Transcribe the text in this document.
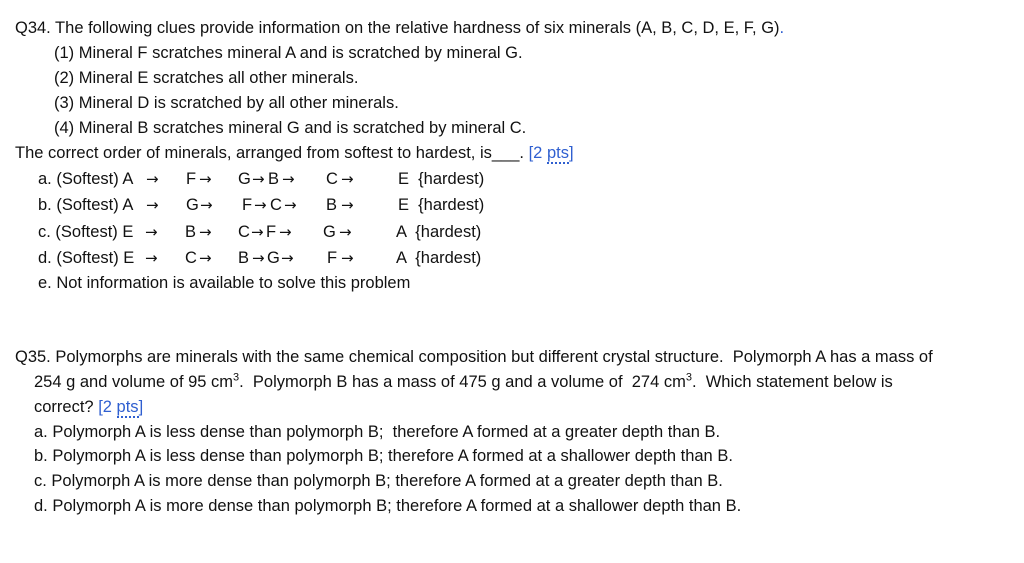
Q34. The following clues provide information on the relative hardness of six minerals (A, B, C, D, E, F, G).
(1) Mineral F scratches mineral A and is scratched by mineral G.
(2) Mineral E scratches all other minerals.
(3) Mineral D is scratched by all other minerals.
(4) Mineral B scratches mineral G and is scratched by mineral C.
The correct order of minerals, arranged from softest to hardest, is___. [2 pts]
a. (Softest) A → F → G → B → C →	E  {hardest)
b. (Softest) A → G → F → C → B →	E  {hardest)
c. (Softest) E → B → C → F → G →	A  {hardest)
d. (Softest) E → C → B → G → F →	A  {hardest)
e. Not information is available to solve this problem
Q35. Polymorphs are minerals with the same chemical composition but different crystal structure.  Polymorph A has a mass of
254 g and volume of 95 $cm^3$.  Polymorph B has a mass of 475 g and a volume of  274 $cm^3$.  Which statement below is
correct? [2 pts]
a. Polymorph A is less dense than polymorph B;  therefore A formed at a greater depth than B.
b. Polymorph A is less dense than polymorph B; therefore A formed at a shallower depth than B.
c. Polymorph A is more dense than polymorph B; therefore A formed at a greater depth than B.
d. Polymorph A is more dense than polymorph B; therefore A formed at a shallower depth than B.
